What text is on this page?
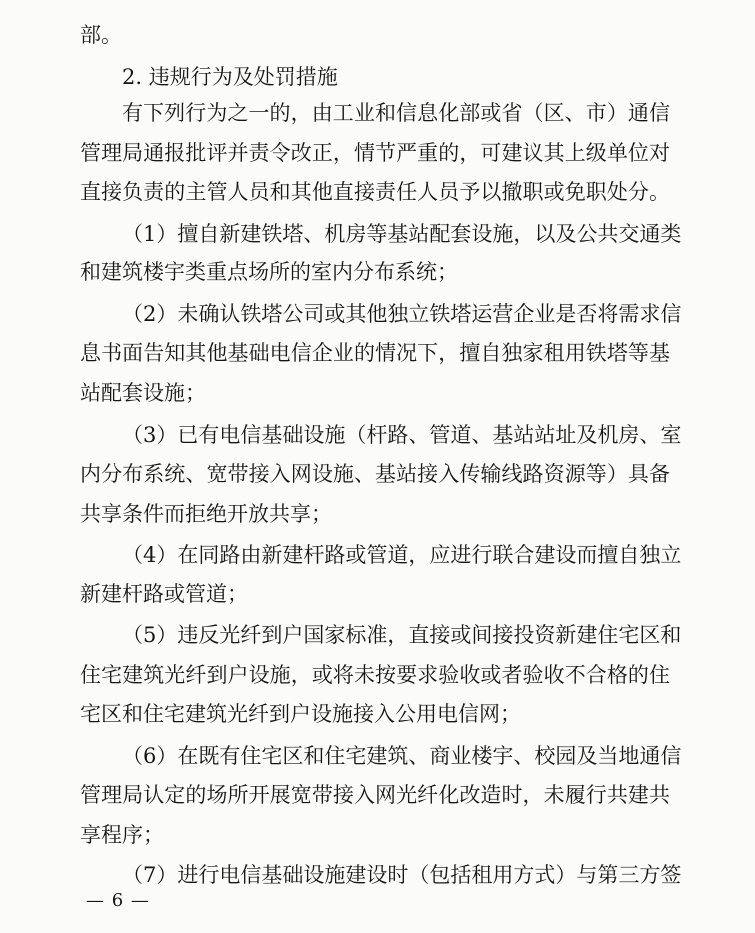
部。
2. 违规行为及处罚措施
有下列行为之一的，由工业和信息化部或省（区、市）通信
管理局通报批评并责令改正，情节严重的，可建议其上级单位对
直接负责的主管人员和其他直接责任人员予以撤职或免职处分。
（1）擅自新建铁塔、机房等基站配套设施，以及公共交通类
和建筑楼宇类重点场所的室内分布系统；
（2）未确认铁塔公司或其他独立铁塔运营企业是否将需求信
息书面告知其他基础电信企业的情况下，擅自独家租用铁塔等基
站配套设施；
（3）已有电信基础设施（杆路、管道、基站站址及机房、室
内分布系统、宽带接入网设施、基站接入传输线路资源等）具备
共享条件而拒绝开放共享；
（4）在同路由新建杆路或管道，应进行联合建设而擅自独立
新建杆路或管道；
（5）违反光纤到户国家标准，直接或间接投资新建住宅区和
住宅建筑光纤到户设施，或将未按要求验收或者验收不合格的住
宅区和住宅建筑光纤到户设施接入公用电信网；
（6）在既有住宅区和住宅建筑、商业楼宇、校园及当地通信
管理局认定的场所开展宽带接入网光纤化改造时，未履行共建共
享程序；
（7）进行电信基础设施建设时（包括租用方式）与第三方签
— 6 —
